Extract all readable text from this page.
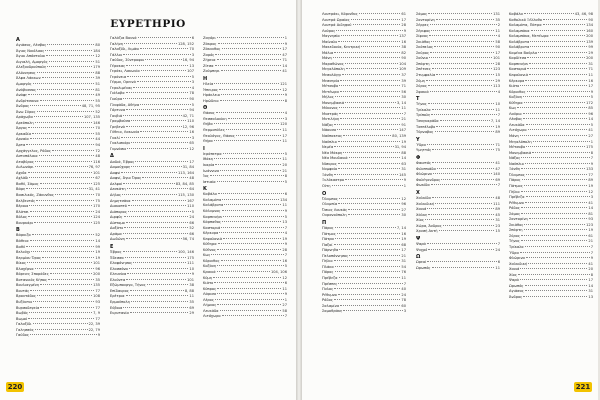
ΕΥΡΕΤΗΡΙΟ
A
Αγιάσος, Λέσβος	80
Άγιος Νικόλαος	184
Άγιοι Απόστολοι	12
Αιγιαλή, Αμοργός	51
Αλεξανδρούπολη	179
Αλόννησος	88
Άλφα Λάκκων	39
Αμοργός	51
Ανάβυσσος	81
Ανάφη	49
Ανδρίτσαινα	55
Άνδρος	48, 71, 95
Άνω Σύρος	52
Αράχωβα	107, 135
Αρεόπολη	146
Άργος	70
Αρκαδία	55
Αρναία	44
Άρτα	94
Αρχάγγελος, Ρόδος	72
Αστυπάλαια	48
Αταβύρος	116
Αυλωνάρι	76, 97
Αχαΐα	101
Αχλάδι	67
Βαθύ, Σάμος	125
Βάρη	31, 41
Βασιλικός, Ζάκυνθος	70
Βελβεντός	75
Βέροια	170
Βλάτσι	24
Βόλος	124
Βουρκάρι	125
B
Βάρκιζα	52
Βάθεια	14
Βαθύ	99
Βελούχι	19
Βερμίου Όρος	19
Βίκος	101
Βλαχέρνα	96
Βόρειες Σποράδες	200
Βοτανικός Κήπος	35
Βουλιαγμένη	135
Βουτάς	77
Βροντάδος	108
Βυζάντιο	93
Βυρσοδεψεία	77
Βωβός	7, 9
Βωμοί	77
Γαλαξίδι	22, 39
Γαλησσάς	22, 79
Γαύδος	9
Γαλάζια Βουνά	6
Γαλήνη	128, 152
Γαλαξίδι, Λιμάνι	70
Γάλλοι	3
Γαύδος, Σύντροφοι	16, 94
Γέρακας	13
Γεράκι, Λακωνία	107
Γεράνεια	5
Γέρμα, Ορεινά	3
Γερολιμένας	4
Γιάλοβα	78
Γιούρα	90
Γλυφάδα, Αθήνα	5
Γόρτυνα	94
Γουβιά	42, 71
Γραμβούσα	110
Γρεβενά	12, 96
Γύθειο, Λακωνία	16
Γυαλί	3
Γυαλισκάρι	65
Γυμνάσιο	12
Δ
Δαδιά, Έβρος	17
Δαμούχαρη	31, 84
Δαφνί	113, 164
Δαφνί, Άγιο Όρος	48
Δελφοί	83, 84, 85
Δεσκάτη	64
Δήλος	115, 130
Δημητσάνα	167
Διακοπτό	110
Διάπορος	5
Διρφύς	24
Δίστομο	66
Δοξάτο	52
Δράμα	66
Δωδώνη	56, 74
Ε
Έβρος	100, 146
Έδεσσα	175
Ελαφόνησος	111
Ελασσόνα	10
Ελευσίνα	9
Ελούντα	101
Εξώμπουργο, Τήνος	38
Επίδαυρος	8, 88
Ερέτρια	11
Ερμούπολη	35
Εύβοια	69
Ευρυτανία	29
Ζαγόρι	1
Ζάκρος	9
Ζάκυνθος	17
Ζαρός	47
Ζήρεια	71
Ζίτσα	14
Ζούμπερι	41
Η
Ηλεία	121
Ήπειρος	12
Ηράκλειο	9
Ηρώδειο	8
Θ
Θάσος	4
Θεσσαλονίκη	3
Θήβα	120
Θερμοπύλες	11
Θεολόγος, Θάσος	17
Θήρα	11
Ι
Ιεράπετρα	5
Ιθάκη	11
Ικαρία	20
Ιωάννινα	21
Ίος	8
Ιστιαία	5
Κ
Καβάλα	6
Καλαμάτα	134
Καλάβρυτα	11
Κάλυμνος	9
Καρπενήσι	5
Κάρπαθος	13
Καστοριά	7
Κέρκυρα	4
Κεφαλονιά	19
Κύθηρα	9
Κύθνος	28
Κως	7
Κόρινθος	16
Κοζάνη	5
Κρανιά	104, 106
Κύμη	12
Κιάτο	6
Κύπρος	11
Λάρισα	9
Λέρος	1
Λήμνος	27
Λευκάδα	58
Λιτόχωρο	7
220
Λουτράκι, Κόρινθος	61
Λουτρά Ωραίας	17
Λουτρά Αιδηψού	28
Λούρος	9
Μαγνησία	137
Μαίναλο	16
Μακεδονία, Κεντρική	38
Μάλια	82
Μάνη	90
Μαραθώνας	104
Μεγαλόπολη	109
Μεσολόγγι	37
Μεσσηνία	39
Μέτσοβο	71
Μετέωρα	56
Μήλος	30
Μονεμβασιά	3, 14
Μύκονος	11
Μυστράς	7
Μυτιλήνη	21
Νάξος	91
Νάουσα	147
Ναύπακτος	80, 139
Ναύπλιο	19
Νεμέα	31, 94
Νέα Μάκρη	88
Νέα Μουδανιά	14
Νίσυρος	63
Νυμφαίο	31
Ξάνθη	145
Ξυλόκαστρο	9
Οίτη	1
Ο
Όλυμπος	12
Ολυμπία	96
Όσιος Λουκάς	27
Ουρανούπολη	30
Π
Πάρος	7, 14
Πάτμος	16
Πάτρα	19
Παξοί	68
Πάρνηθα	17
Πελοπόννησος	21
Πήλιο	31
Πλάκα	54
Πόρος	76
Πρέβεζα	11
Πρέσπες	7
Πυλος	40
Ρέθυμνο	24
Ρόδος	78
Σαλαμίνα	60
Σαμοθράκη	3
Σάμος	131
Σαντορίνη	35
Σέρρες	2
Σέριφος	11
Σίφνος	4
Σκιάθος	58
Σκόπελος	90
Σκύρος	17
Σούνιο	101
Σπάρτη	28
Σπέτσες	123
Στυμφαλία	15
Σύμη	29
Σύρος	113
Σφακιά	4
Τ
Τήνος	10
Τρίκαλα	11
Τρίπολη	7
Τσαγκαράδα	7, 14
Τσεπέλοβο	19
Τύρναβος	89
Υ
Ύδρα	71
Υμηττός	75
Φ
Φαιστός	41
Φιλιππιάδα	47
Φλώρινα	140
Φολέγανδρος	69
Φωκίδα	7
Χ
Χαλκίδα	48
Χαλκιδική	111
Χανιά	89
Χάλκη	45
Χίος	31
Χώρα, Άνδρος	23
Χρυσή Ακτή	15
Ψ
Ψαρά	7
Ψυχρό	24
Ω
Ωρεοί	6
Ωρωπός	11
Καβάλα	43, 46, 98
Καθολικό Ξέλλοθο	90
Καλαμάτα, Πάτρα	134
Καλαμπάκα	160
Καλαμπάκα, Μετέωρα	200
Καλάβρυτα	139
Καλάβρυτα	99
Καμένα Βούρλα	29
Καρδίτσα	200
Καρπενήσι	31
Καστοριά	71
Κεφαλονιά	11
Κέρκυρα	16
Κιάτο	17
Κόρινθος	9
Κοζάνη	5
Κύθηρα	172
Κως	85
Λαύριο	96
Λέσβος	14
Λευκάδα	5
Λιτόχωρο	41
Μάνη	27
Μεγαλόπολη	1
Μέτσοβο	175
Μονεμβασιά	8
Νάξος	7
Ναύπλιο	9
Ξάνθη	133
Όλυμπος	77
Πάρος	89
Πάτμος	19
Πήλιο	12
Πρέβεζα	3
Ρέθυμνο	41
Ρόδος	14
Σάμος	81
Σαντορίνη	93
Σκιάθος	123
Σπάρτη	19
Σύρος	61
Τήνος	21
Τρίκαλα	7
Ύδρα	7
Φλώρινα	9
Χαλκιδική	41
Χανιά	20
Χίος	8
Ψαρά	17
Ωρωπός	14
Αγιάσος	31
Άνδρος	13
221
